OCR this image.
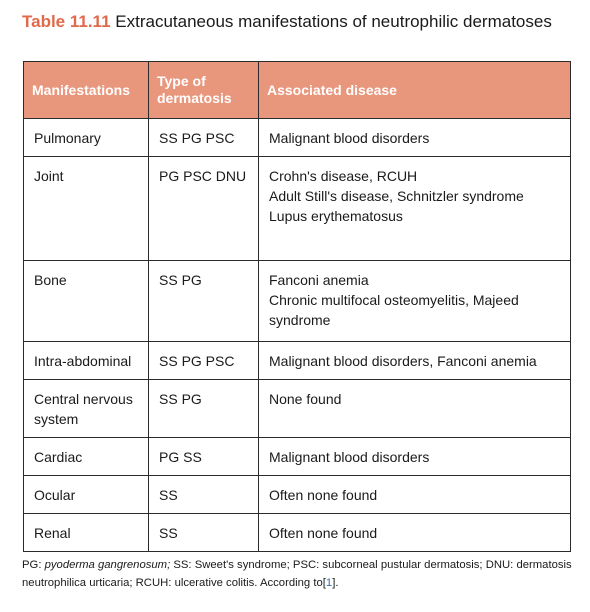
Table 11.11 Extracutaneous manifestations of neutrophilic dermatoses
Manifestations	Type of dermatosis	Associated disease
Pulmonary	SS PG PSC	Malignant blood disorders

Joint	PG PSC DNU	Crohn's disease, RCUH
Adult Still's disease, Schnitzler syndrome
Lupus erythematosus

Bone	SS PG	Fanconi anemia
Chronic multifocal osteomyelitis, Majeed syndrome

Intra-abdominal	SS PG PSC	Malignant blood disorders, Fanconi anemia

Central nervous system	SS PG	None found

Cardiac	PG SS	Malignant blood disorders

Ocular	SS	Often none found

Renal	SS	Often none found
PG: pyoderma gangrenosum; SS: Sweet's syndrome; PSC: subcorneal pustular dermatosis; DNU: dermatosis neutrophilica urticaria; RCUH: ulcerative colitis. According to[1].
